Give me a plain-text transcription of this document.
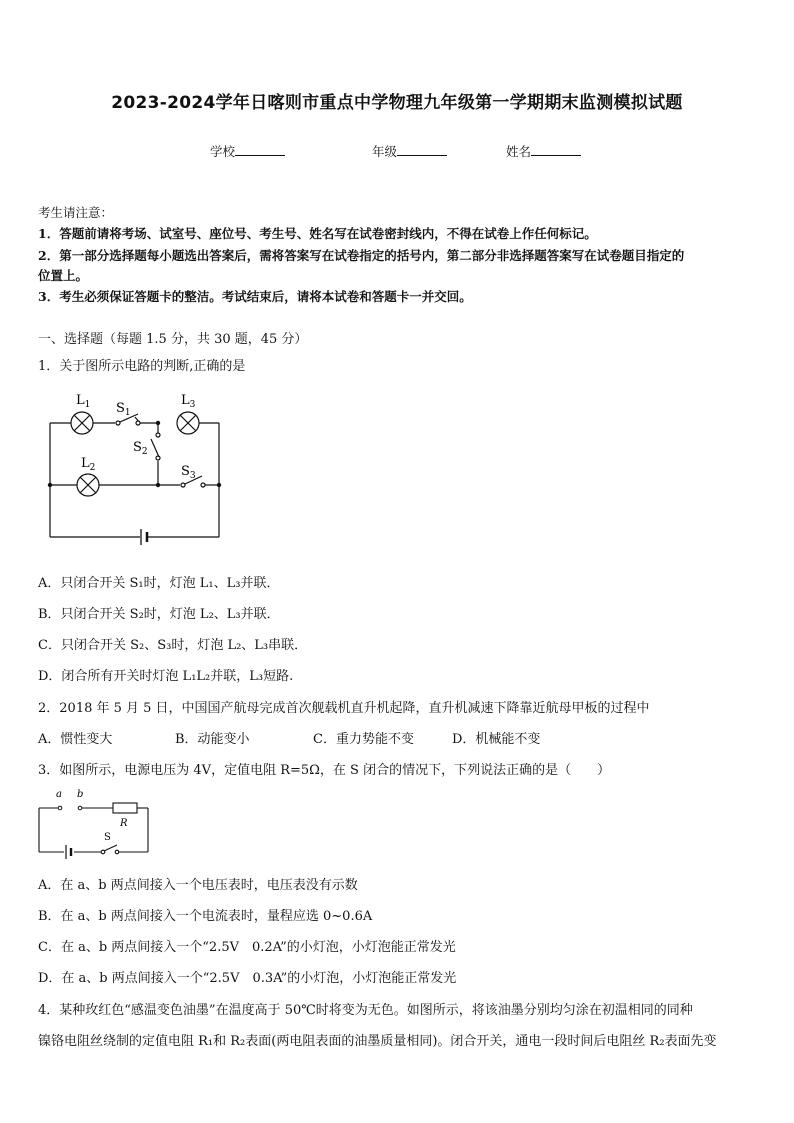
2023-2024学年日喀则市重点中学物理九年级第一学期期末监测模拟试题
学校	年级	姓名
考生请注意：
1．答题前请将考场、试室号、座位号、考生号、姓名写在试卷密封线内，不得在试卷上作任何标记。
2．第一部分选择题每小题选出答案后，需将答案写在试卷指定的括号内，第二部分非选择题答案写在试卷题目指定的
位置上。
3．考生必须保证答题卡的整洁。考试结束后，请将本试卷和答题卡一并交回。
一、选择题（每题 1.5 分，共 30 题，45 分）
1．关于图所示电路的判断,正确的是
$L_1$ $S_1$
$L_3$
$S_2$
$L_2$	$S_3$
A．只闭合开关 S₁时，灯泡 L₁、L₃并联．
B．只闭合开关 S₂时，灯泡 L₂、L₃并联．
C．只闭合开关 S₂、S₃时，灯泡 L₂、L₃串联．
D．闭合所有开关时灯泡 L₁L₂并联，L₃短路.
2．2018 年 5 月 5 日，中国国产航母完成首次舰载机直升机起降，直升机减速下降靠近航母甲板的过程中
A．惯性变大	B．动能变小	C．重力势能不变	D．机械能不变
3．如图所示，电源电压为 4V，定值电阻 R=5Ω，在 S 闭合的情况下，下列说法正确的是（　　）
a b
R
S
A．在 a、b 两点间接入一个电压表时，电压表没有示数
B．在 a、b 两点间接入一个电流表时，量程应选 0~0.6A
C．在 a、b 两点间接入一个“2.5V　0.2A”的小灯泡，小灯泡能正常发光
D．在 a、b 两点间接入一个“2.5V　0.3A”的小灯泡，小灯泡能正常发光
4．某种玫红色“感温变色油墨”在温度高于 50℃时将变为无色。如图所示，将该油墨分别均匀涂在初温相同的同种
镍铬电阻丝绕制的定值电阻 R₁和 R₂表面(两电阻表面的油墨质量相同)。闭合开关，通电一段时间后电阻丝 R₂表面先变
